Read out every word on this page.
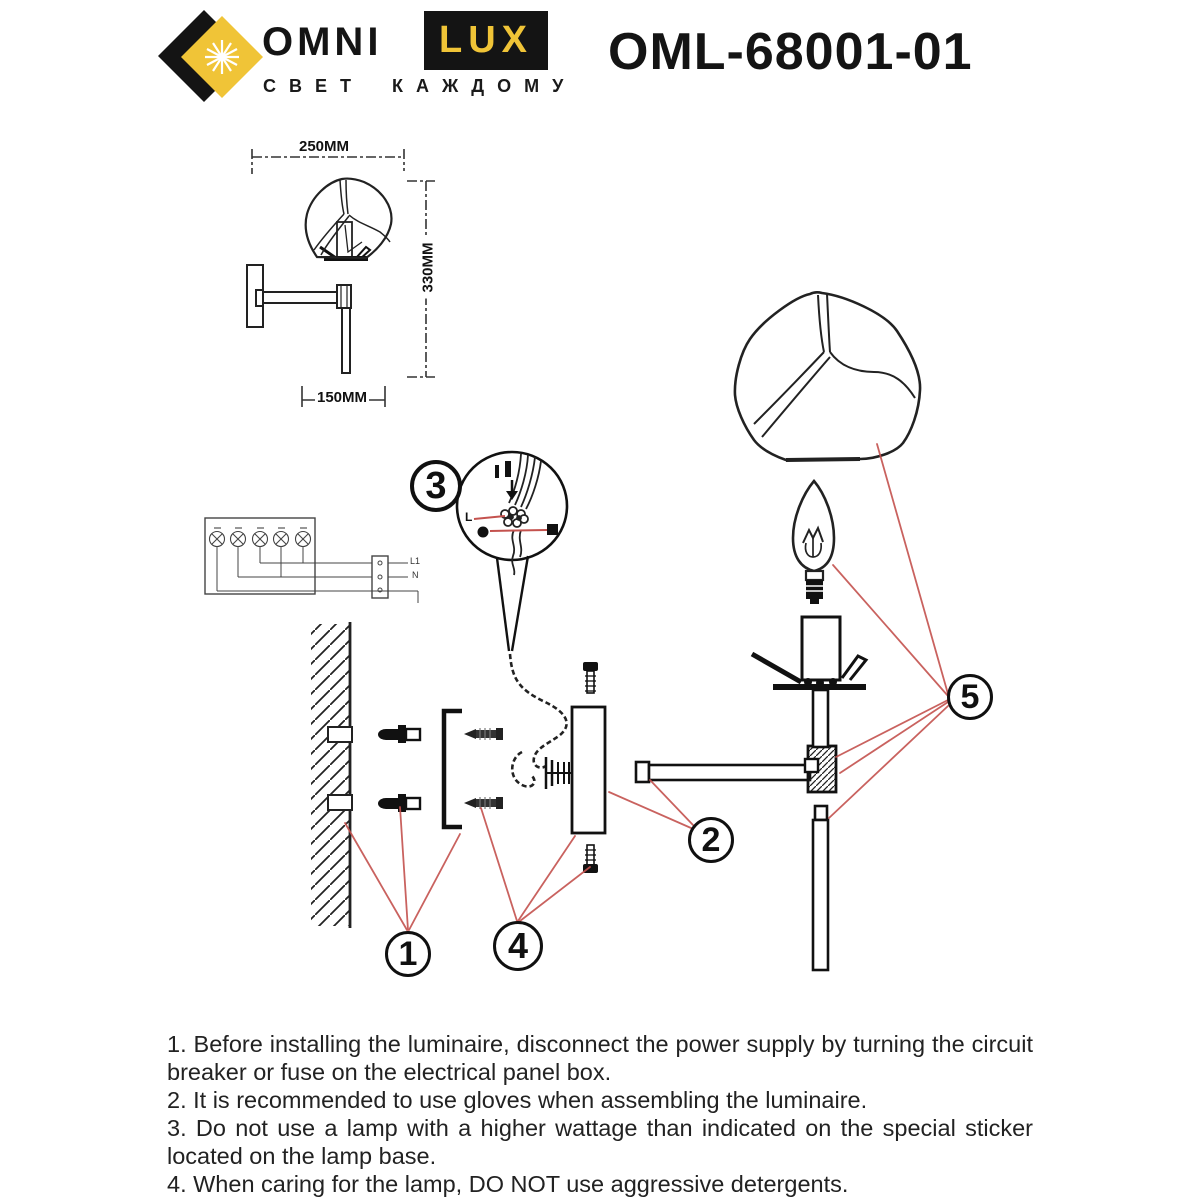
OMNI LUX
СВЕТ КАЖДОМУ
OML-68001-01
250MM
330MM
150MM
L1
N
L
1
2
3
4
5

1. Before installing the luminaire, disconnect the power supply by turning the circuit breaker or fuse on the electrical panel box.

2. It is recommended to use gloves when assembling the luminaire.

3. Do not use a lamp with a higher wattage than indicated on the special sticker located on the lamp base.

4. When caring for the lamp, DO NOT use aggressive detergents.
